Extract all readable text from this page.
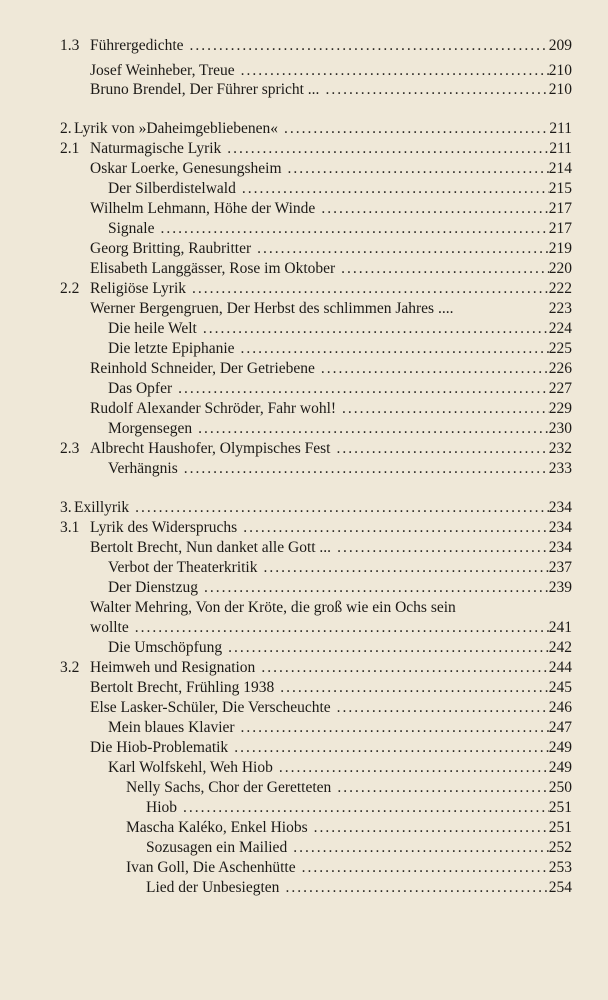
1.3 Führergedichte .....	209
Josef Weinheber, Treue .....	210
Bruno Brendel, Der Führer spricht ... .....	210
2. Lyrik von »Daheimgebliebenen« .....	211
2.1 Naturmagische Lyrik .....	211
Oskar Loerke, Genesungsheim .....	214
Der Silberdistelwald .....	215
Wilhelm Lehmann, Höhe der Winde .....	217
Signale .....	217
Georg Britting, Raubritter .....	219
Elisabeth Langgässer, Rose im Oktober .....	220
2.2 Religiöse Lyrik .....	222
Werner Bergengruen, Der Herbst des schlimmen Jahres ....	223
Die heile Welt .....	224
Die letzte Epiphanie .....	225
Reinhold Schneider, Der Getriebene .....	226
Das Opfer .....	227
Rudolf Alexander Schröder, Fahr wohl! .....	229
Morgensegen .....	230
2.3 Albrecht Haushofer, Olympisches Fest .....	232
Verhängnis .....	233
3. Exillyrik .....	234
3.1 Lyrik des Widerspruchs .....	234
Bertolt Brecht, Nun danket alle Gott ... .....	234
Verbot der Theaterkritik .....	237
Der Dienstzug .....	239
Walter Mehring, Von der Kröte, die groß wie ein Ochs sein
wollte .....	241
Die Umschöpfung .....	242
3.2 Heimweh und Resignation .....	244
Bertolt Brecht, Frühling 1938 .....	245
Else Lasker-Schüler, Die Verscheuchte .....	246
Mein blaues Klavier .....	247
Die Hiob-Problematik .....	249
Karl Wolfskehl, Weh Hiob .....	249
Nelly Sachs, Chor der Geretteten .....	250
Hiob .....	251
Mascha Kaléko, Enkel Hiobs .....	251
Sozusagen ein Mailied .....	252
Ivan Goll, Die Aschenhütte .....	253
Lied der Unbesiegten .....	254
